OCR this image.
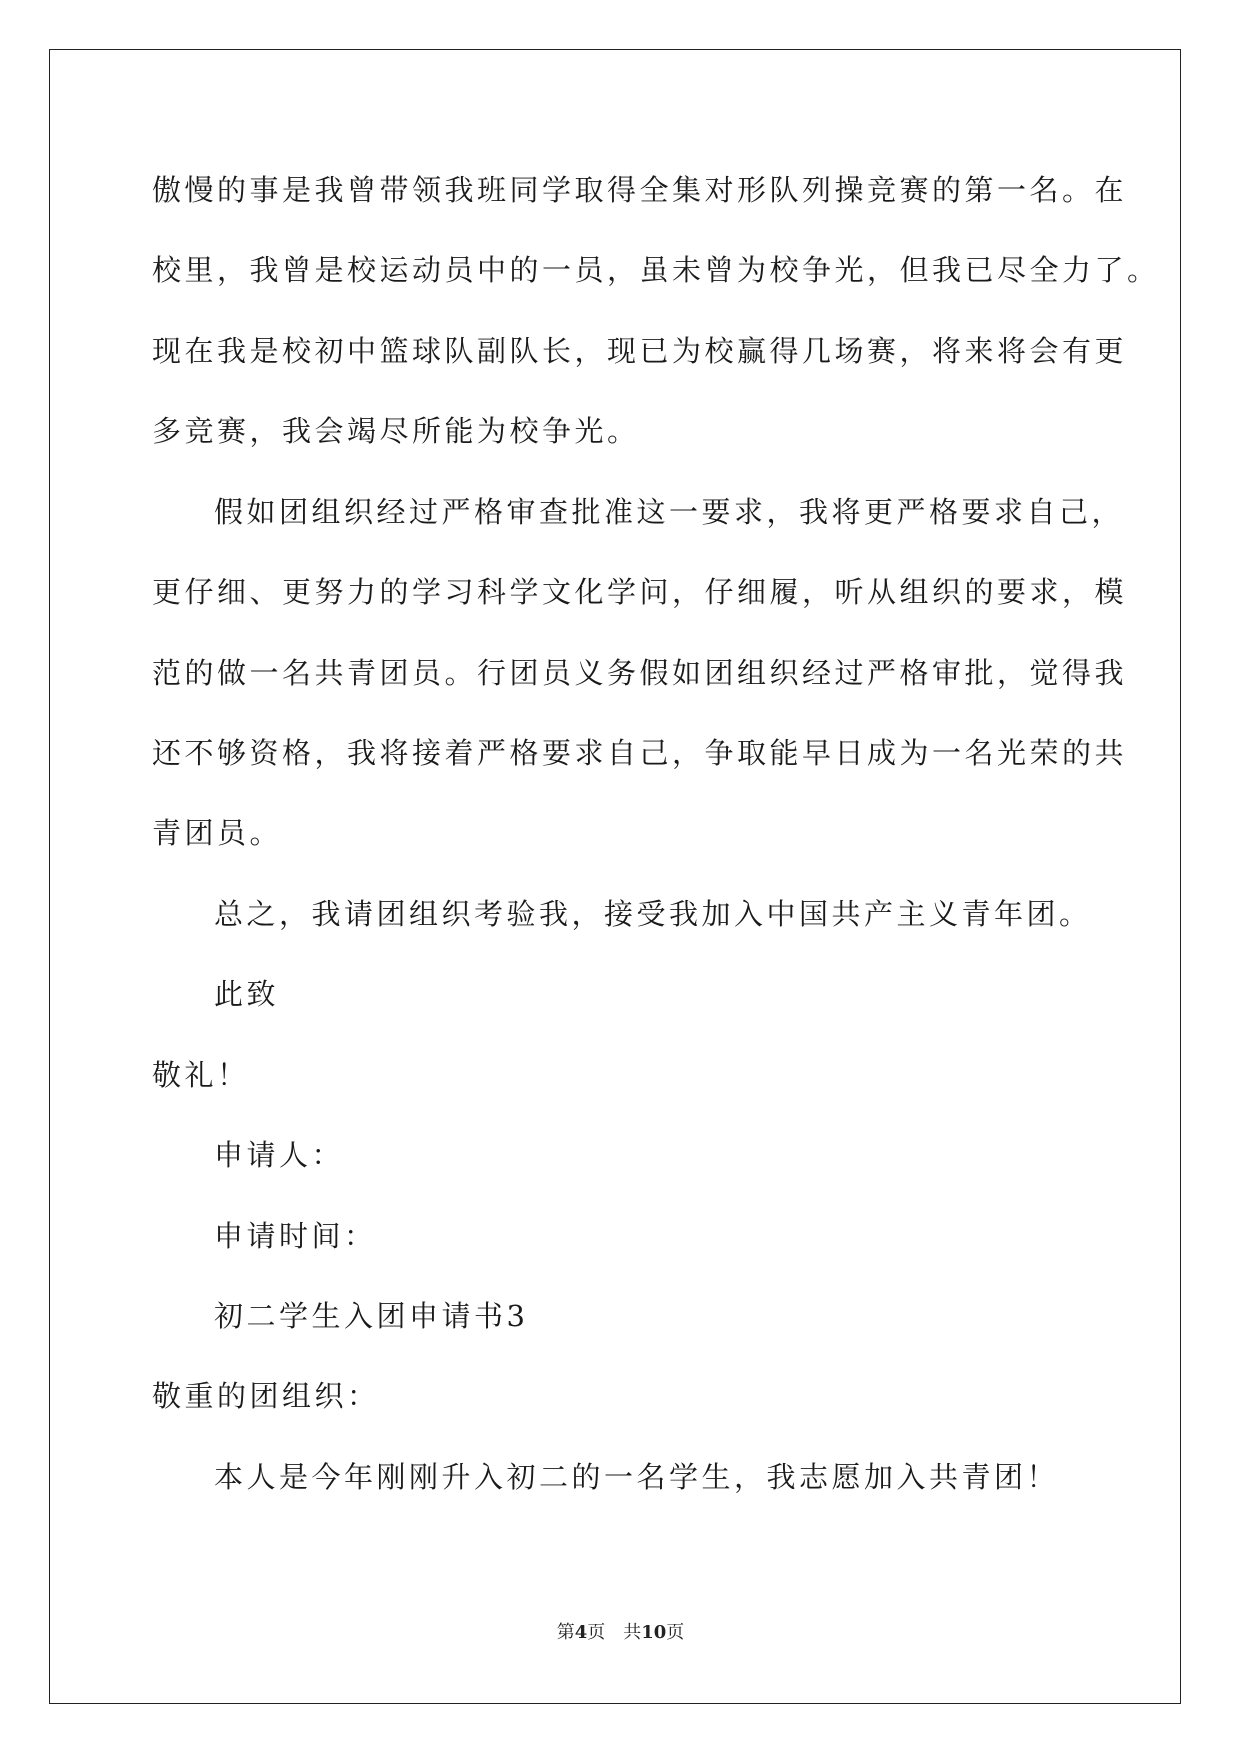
傲慢的事是我曾带领我班同学取得全集对形队列操竞赛的第一名。在
校里，我曾是校运动员中的一员，虽未曾为校争光，但我已尽全力了。
现在我是校初中篮球队副队长，现已为校赢得几场赛，将来将会有更
多竞赛，我会竭尽所能为校争光。
假如团组织经过严格审查批准这一要求，我将更严格要求自己，
更仔细、更努力的学习科学文化学问，仔细履，听从组织的要求，模
范的做一名共青团员。行团员义务假如团组织经过严格审批，觉得我
还不够资格，我将接着严格要求自己，争取能早日成为一名光荣的共
青团员。
总之，我请团组织考验我，接受我加入中国共产主义青年团。
此致
敬礼！
申请人：
申请时间：
初二学生入团申请书3
敬重的团组织：
本人是今年刚刚升入初二的一名学生，我志愿加入共青团！
第4页 共10页
